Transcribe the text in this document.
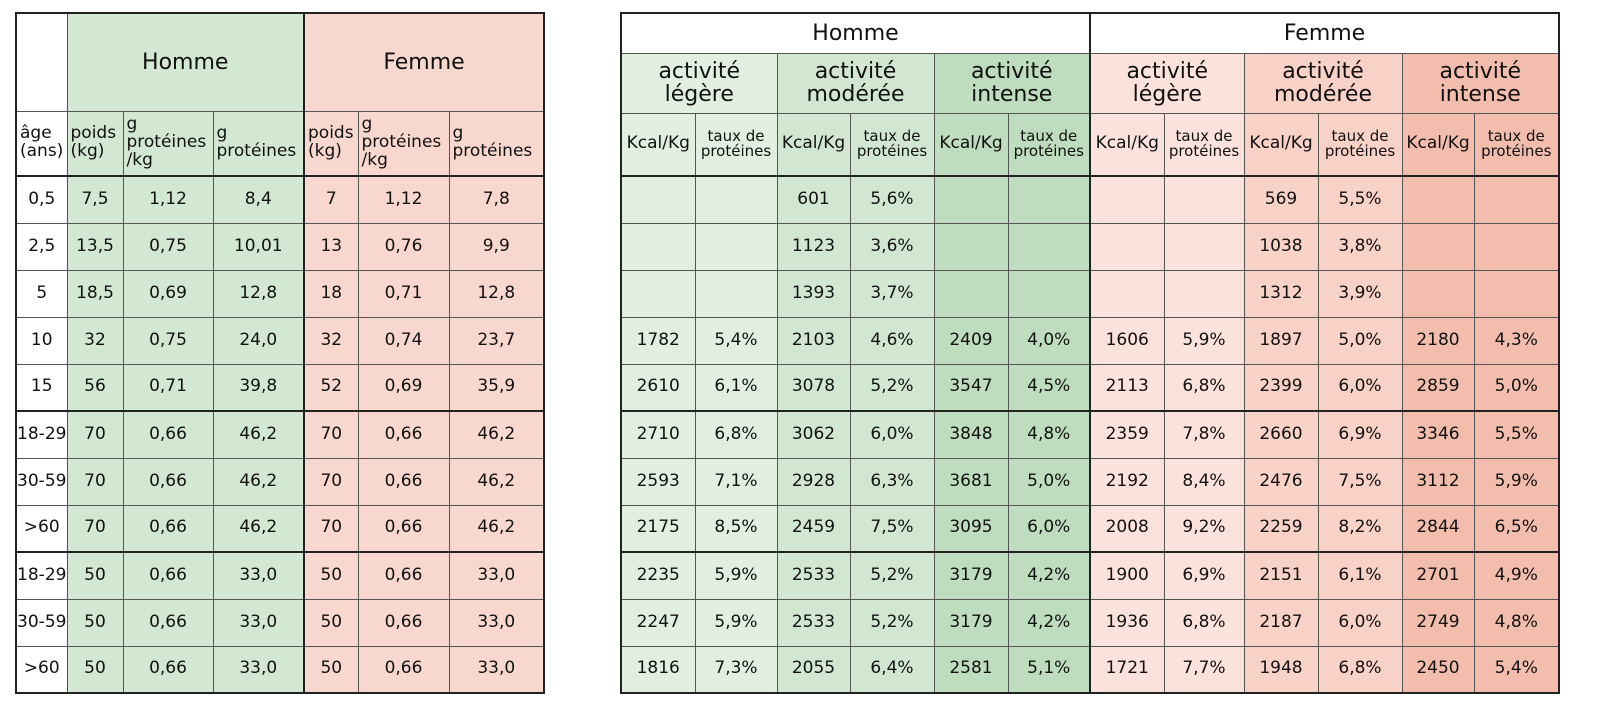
	Homme			Femme		
âge (ans)	poids (kg)	g protéines /kg	g protéines	poids (kg)	g protéines /kg	g protéines
0,5	7,5	1,12	8,4	7	1,12	7,8
2,5	13,5	0,75	10,01	13	0,76	9,9
5	18,5	0,69	12,8	18	0,71	12,8
10	32	0,75	24,0	32	0,74	23,7
15	56	0,71	39,8	52	0,69	35,9
18-29	70	0,66	46,2	70	0,66	46,2
30-59	70	0,66	46,2	70	0,66	46,2
>60	70	0,66	46,2	70	0,66	46,2
18-29	50	0,66	33,0	50	0,66	33,0
30-59	50	0,66	33,0	50	0,66	33,0
>60	50	0,66	33,0	50	0,66	33,0
Homme						Femme					
activité légère		activité modérée		activité intense		activité légère		activité modérée		activité intense	
Kcal/Kg	taux de protéines	Kcal/Kg	taux de protéines	Kcal/Kg	taux de protéines	Kcal/Kg	taux de protéines	Kcal/Kg	taux de protéines	Kcal/Kg	taux de protéines
		601	5,6%					569	5,5%		
		1123	3,6%					1038	3,8%		
		1393	3,7%					1312	3,9%		
1782	5,4%	2103	4,6%	2409	4,0%	1606	5,9%	1897	5,0%	2180	4,3%
2610	6,1%	3078	5,2%	3547	4,5%	2113	6,8%	2399	6,0%	2859	5,0%
2710	6,8%	3062	6,0%	3848	4,8%	2359	7,8%	2660	6,9%	3346	5,5%
2593	7,1%	2928	6,3%	3681	5,0%	2192	8,4%	2476	7,5%	3112	5,9%
2175	8,5%	2459	7,5%	3095	6,0%	2008	9,2%	2259	8,2%	2844	6,5%
2235	5,9%	2533	5,2%	3179	4,2%	1900	6,9%	2151	6,1%	2701	4,9%
2247	5,9%	2533	5,2%	3179	4,2%	1936	6,8%	2187	6,0%	2749	4,8%
1816	7,3%	2055	6,4%	2581	5,1%	1721	7,7%	1948	6,8%	2450	5,4%
